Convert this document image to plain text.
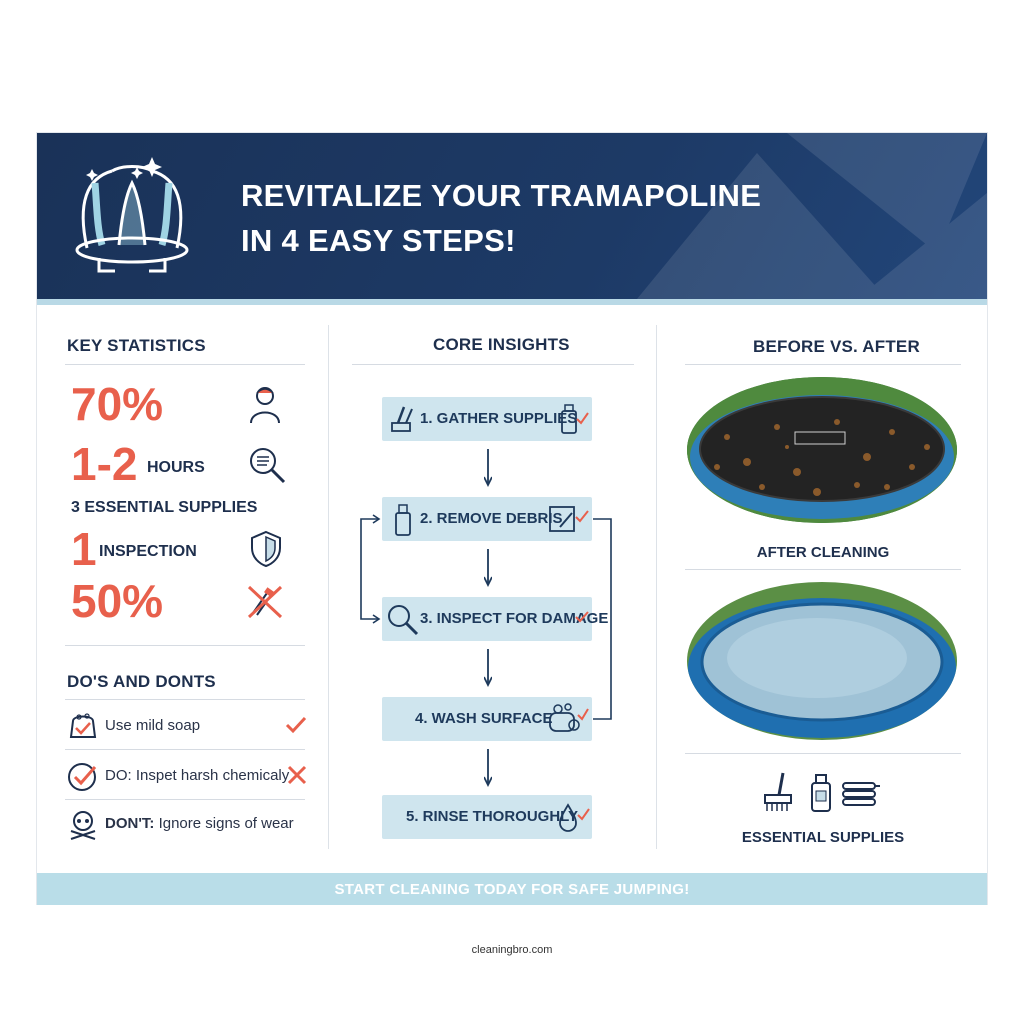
REVITALIZE YOUR TRAMAPOLINE
IN 4 EASY STEPS!
KEY STATISTICS
70%
1-2 HOURS
3 ESSENTIAL SUPPLIES
1 INSPECTION
50%
DO'S AND DONTS
Use mild soap
DO: Inspet harsh chemicaly
DON'T: Ignore signs of wear
CORE INSIGHTS
1. GATHER SUPPLIES
2. REMOVE DEBRIS
3. INSPECT FOR DAMAGE
4. WASH SURFACE
5. RINSE THOROUGHLY
BEFORE VS. AFTER
AFTER CLEANING
ESSENTIAL SUPPLIES
START CLEANING TODAY FOR SAFE JUMPING!
cleaningbro.com
